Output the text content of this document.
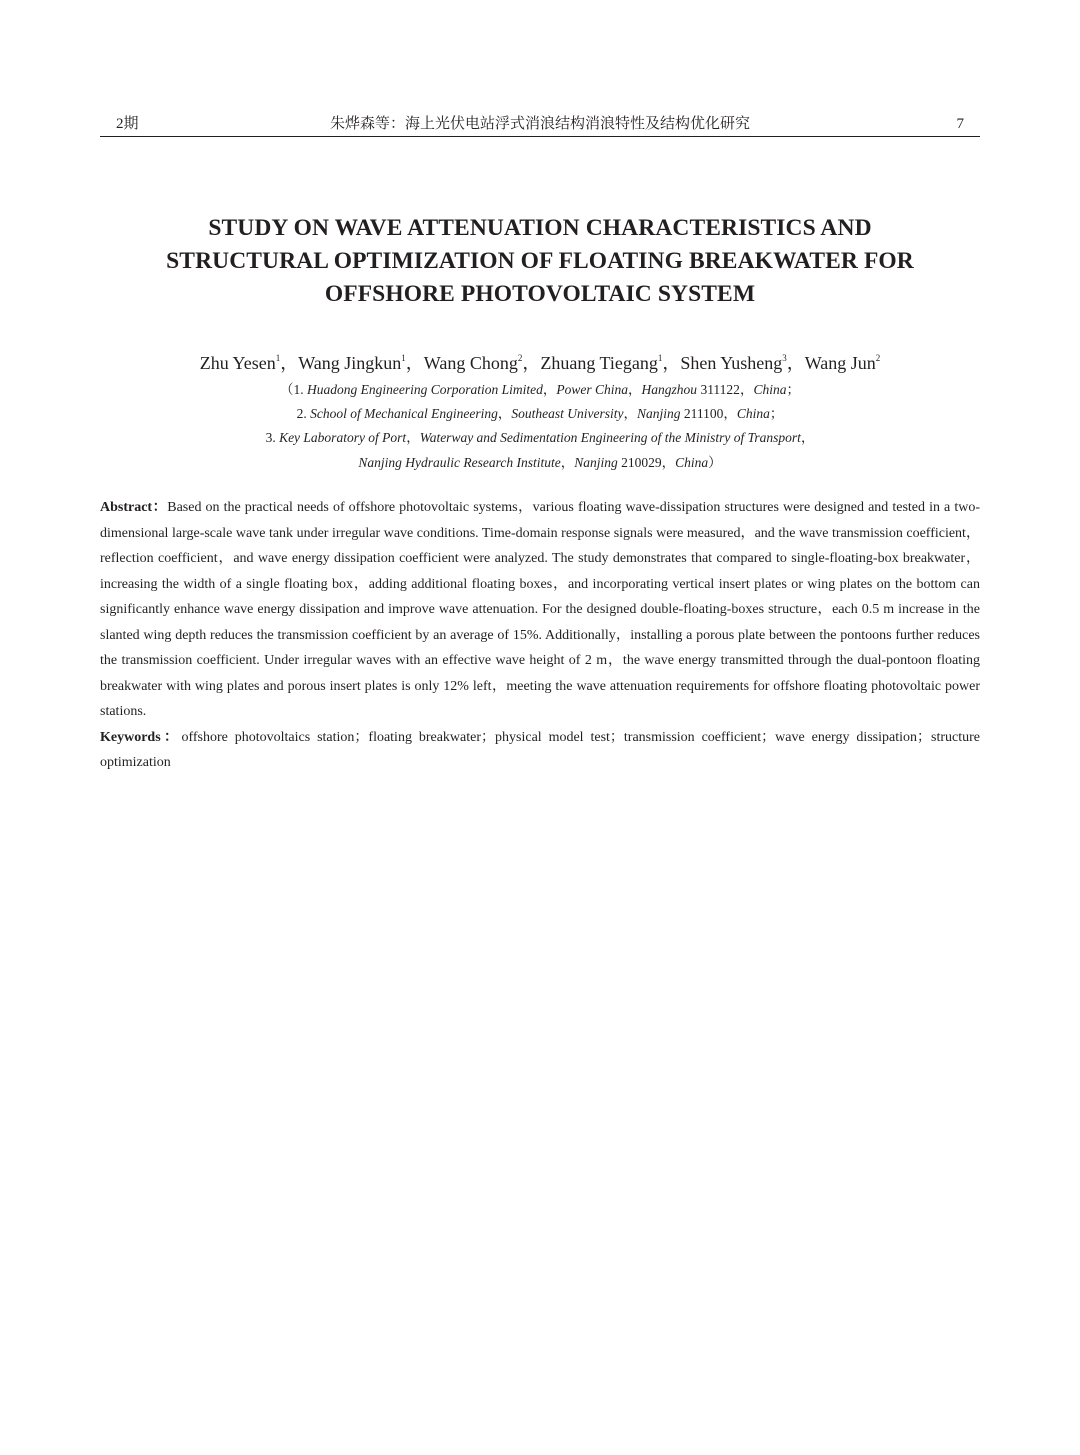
2期	朱烨森等：海上光伏电站浮式消浪结构消浪特性及结构优化研究	7
STUDY ON WAVE ATTENUATION CHARACTERISTICS AND
STRUCTURAL OPTIMIZATION OF FLOATING BREAKWATER FOR
OFFSHORE PHOTOVOLTAIC SYSTEM
Zhu Yesen$^1$，Wang Jingkun$^1$，Wang Chong$^2$，Zhuang Tiegang$^1$，Shen Yusheng$^3$，Wang Jun$^2$
（1. Huadong Engineering Corporation Limited，Power China，Hangzhou 311122，China；
2. School of Mechanical Engineering，Southeast University，Nanjing 211100，China；
3. Key Laboratory of Port，Waterway and Sedimentation Engineering of the Ministry of Transport，
Nanjing Hydraulic Research Institute，Nanjing 210029，China）

Abstract：Based on the practical needs of offshore photovoltaic systems，various floating wave-dissipation structures were designed and tested in a two-dimensional large-scale wave tank under irregular wave conditions. Time-domain response signals were measured，and the wave transmission coefficient，reflection coefficient，and wave energy dissipation coefficient were analyzed. The study demonstrates that compared to single-floating-box breakwater，increasing the width of a single floating box，adding additional floating boxes，and incorporating vertical insert plates or wing plates on the bottom can significantly enhance wave energy dissipation and improve wave attenuation. For the designed double-floating-boxes structure，each 0.5 m increase in the slanted wing depth reduces the transmission coefficient by an average of 15%. Additionally，installing a porous plate between the pontoons further reduces the transmission coefficient. Under irregular waves with an effective wave height of 2 m，the wave energy transmitted through the dual-pontoon floating breakwater with wing plates and porous insert plates is only 12% left，meeting the wave attenuation requirements for offshore floating photovoltaic power stations.

Keywords：offshore photovoltaics station；floating breakwater；physical model test；transmission coefficient；wave energy dissipation；structure optimization
